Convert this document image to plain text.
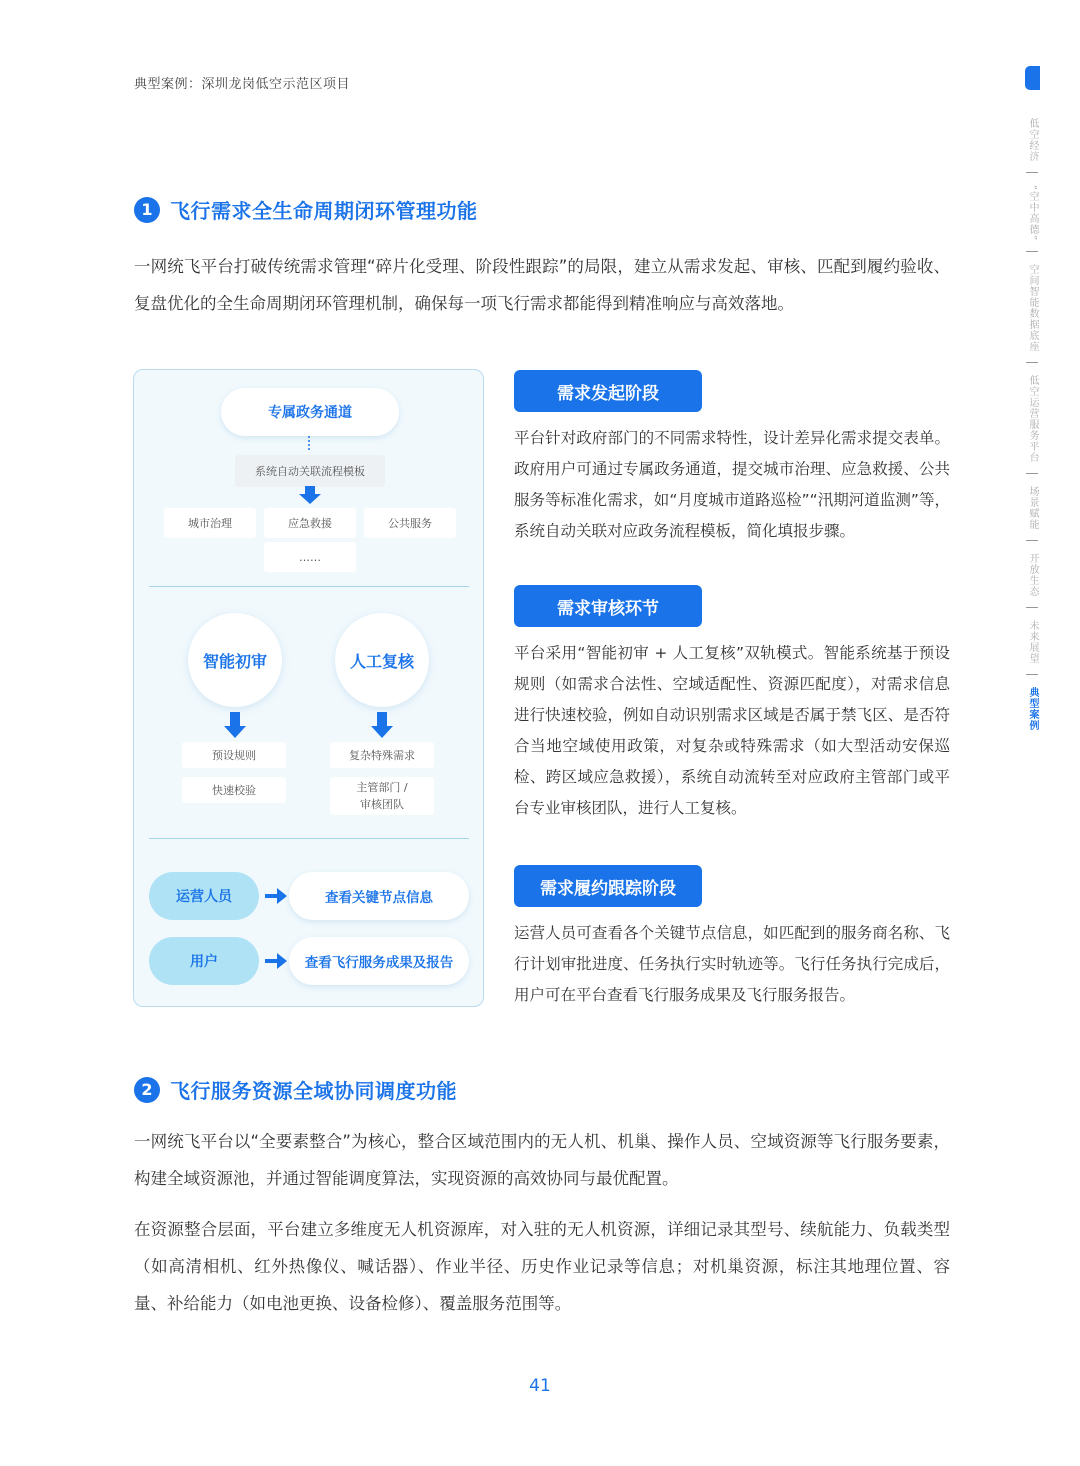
典型案例：深圳龙岗低空示范区项目
低空经济
“空中高德”
空间智能数据底座
低空运营服务平台
场景赋能
开放生态
未来展望
典型案例
1 飞行需求全生命周期闭环管理功能
一网统飞平台打破传统需求管理“碎片化受理、阶段性跟踪”的局限，建立从需求发起、审核、匹配到履约验收、复盘优化的全生命周期闭环管理机制，确保每一项飞行需求都能得到精准响应与高效落地。
专属政务通道
系统自动关联流程模板
城市治理	应急救援	公共服务
……
智能初审	人工复核
预设规则
快速校验
复杂特殊需求
主管部门 /
审核团队
运营人员	查看关键节点信息
用户	查看飞行服务成果及报告
需求发起阶段
平台针对政府部门的不同需求特性，设计差异化需求提交表单。政府用户可通过专属政务通道，提交城市治理、应急救援、公共服务等标准化需求，如“月度城市道路巡检”“汛期河道监测”等，系统自动关联对应政务流程模板，简化填报步骤。
需求审核环节
平台采用“智能初审 + 人工复核”双轨模式。智能系统基于预设规则（如需求合法性、空域适配性、资源匹配度），对需求信息进行快速校验，例如自动识别需求区域是否属于禁飞区、是否符合当地空域使用政策，对复杂或特殊需求（如大型活动安保巡检、跨区域应急救援），系统自动流转至对应政府主管部门或平台专业审核团队，进行人工复核。
需求履约跟踪阶段
运营人员可查看各个关键节点信息，如匹配到的服务商名称、飞行计划审批进度、任务执行实时轨迹等。飞行任务执行完成后，用户可在平台查看飞行服务成果及飞行服务报告。
2 飞行服务资源全域协同调度功能
一网统飞平台以“全要素整合”为核心，整合区域范围内的无人机、机巢、操作人员、空域资源等飞行服务要素，构建全域资源池，并通过智能调度算法，实现资源的高效协同与最优配置。
在资源整合层面，平台建立多维度无人机资源库，对入驻的无人机资源，详细记录其型号、续航能力、负载类型（如高清相机、红外热像仪、喊话器）、作业半径、历史作业记录等信息；对机巢资源，标注其地理位置、容量、补给能力（如电池更换、设备检修）、覆盖服务范围等。
41
